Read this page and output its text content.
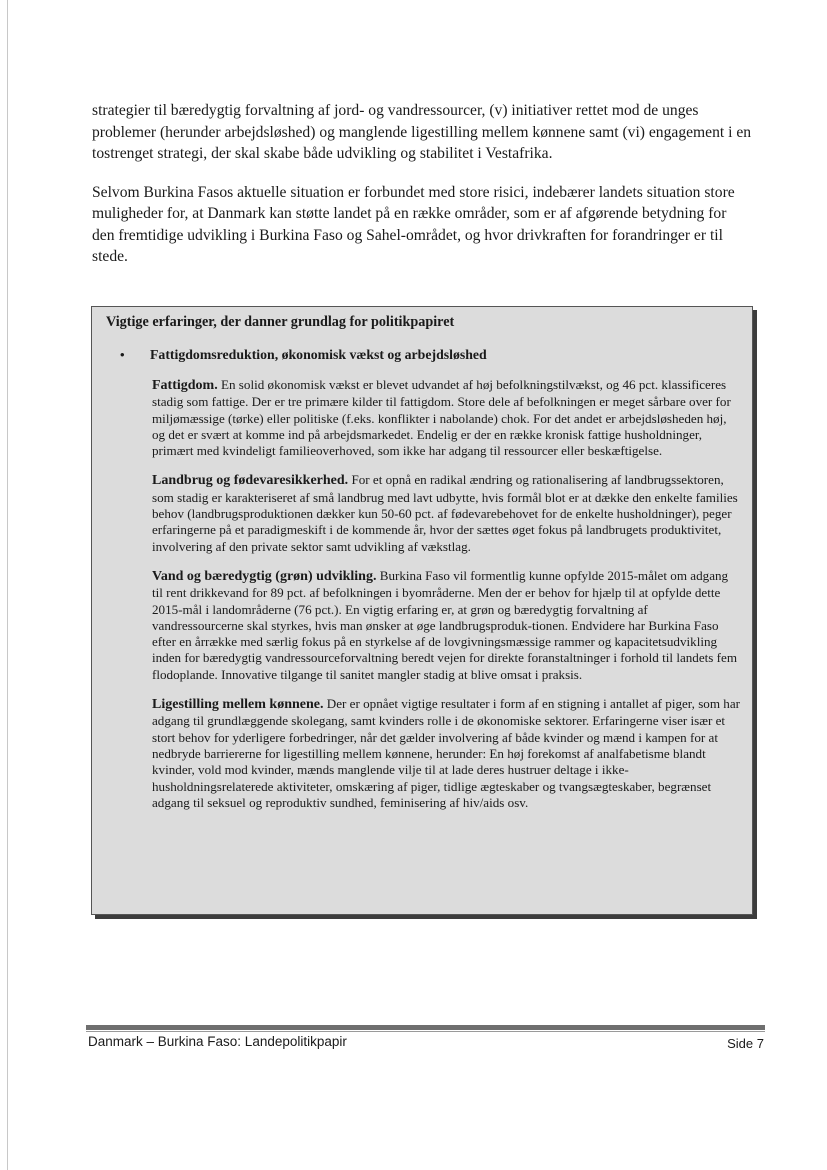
strategier til bæredygtig forvaltning af jord- og vandressourcer, (v) initiativer rettet mod de unges problemer (herunder arbejdsløshed) og manglende ligestilling mellem kønnene samt (vi) engagement i en tostrenget strategi, der skal skabe både udvikling og stabilitet i Vestafrika.

Selvom Burkina Fasos aktuelle situation er forbundet med store risici, indebærer landets situation store muligheder for, at Danmark kan støtte landet på en række områder, som er af afgørende betydning for den fremtidige udvikling i Burkina Faso og Sahel-området, og hvor drivkraften for forandringer er til stede.

Vigtige erfaringer, der danner grundlag for politikpapiret
•	Fattigdomsreduktion, økonomisk vækst og arbejdsløshed
Fattigdom. En solid økonomisk vækst er blevet udvandet af høj befolkningstilvækst, og 46 pct. klassificeres stadig som fattige. Der er tre primære kilder til fattigdom. Store dele af befolkningen er meget sårbare over for miljømæssige (tørke) eller politiske (f.eks. konflikter i nabolande) chok. For det andet er arbejdsløsheden høj, og det er svært at komme ind på arbejdsmarkedet. Endelig er der en række kronisk fattige husholdninger, primært med kvindeligt familieoverhoved, som ikke har adgang til ressourcer eller beskæftigelse.
Landbrug og fødevaresikkerhed. For et opnå en radikal ændring og rationalisering af landbrugssektoren, som stadig er karakteriseret af små landbrug med lavt udbytte, hvis formål blot er at dække den enkelte families behov (landbrugsproduktionen dækker kun 50-60 pct. af fødevarebehovet for de enkelte husholdninger), peger erfaringerne på et paradigmeskift i de kommende år, hvor der sættes øget fokus på landbrugets produktivitet, involvering af den private sektor samt udvikling af vækstlag.
Vand og bæredygtig (grøn) udvikling. Burkina Faso vil formentlig kunne opfylde 2015-målet om adgang til rent drikkevand for 89 pct. af befolkningen i byområderne. Men der er behov for hjælp til at opfylde dette 2015-mål i landområderne (76 pct.). En vigtig erfaring er, at grøn og bæredygtig forvaltning af vandressourcerne skal styrkes, hvis man ønsker at øge landbrugsproduk-tionen. Endvidere har Burkina Faso efter en årrække med særlig fokus på en styrkelse af de lovgivningsmæssige rammer og kapacitetsudvikling inden for bæredygtig vandressourceforvaltning beredt vejen for direkte foranstaltninger i forhold til landets fem flodoplande. Innovative tilgange til sanitet mangler stadig at blive omsat i praksis.
Ligestilling mellem kønnene. Der er opnået vigtige resultater i form af en stigning i antallet af piger, som har adgang til grundlæggende skolegang, samt kvinders rolle i de økonomiske sektorer. Erfaringerne viser især et stort behov for yderligere forbedringer, når det gælder involvering af både kvinder og mænd i kampen for at nedbryde barriererne for ligestilling mellem kønnene, herunder: En høj forekomst af analfabetisme blandt kvinder, vold mod kvinder, mænds manglende vilje til at lade deres hustruer deltage i ikke-husholdningsrelaterede aktiviteter, omskæring af piger, tidlige ægteskaber og tvangsægteskaber, begrænset adgang til seksuel og reproduktiv sundhed, feminisering af hiv/aids osv.
Danmark – Burkina Faso: Landepolitikpapir	Side 7
